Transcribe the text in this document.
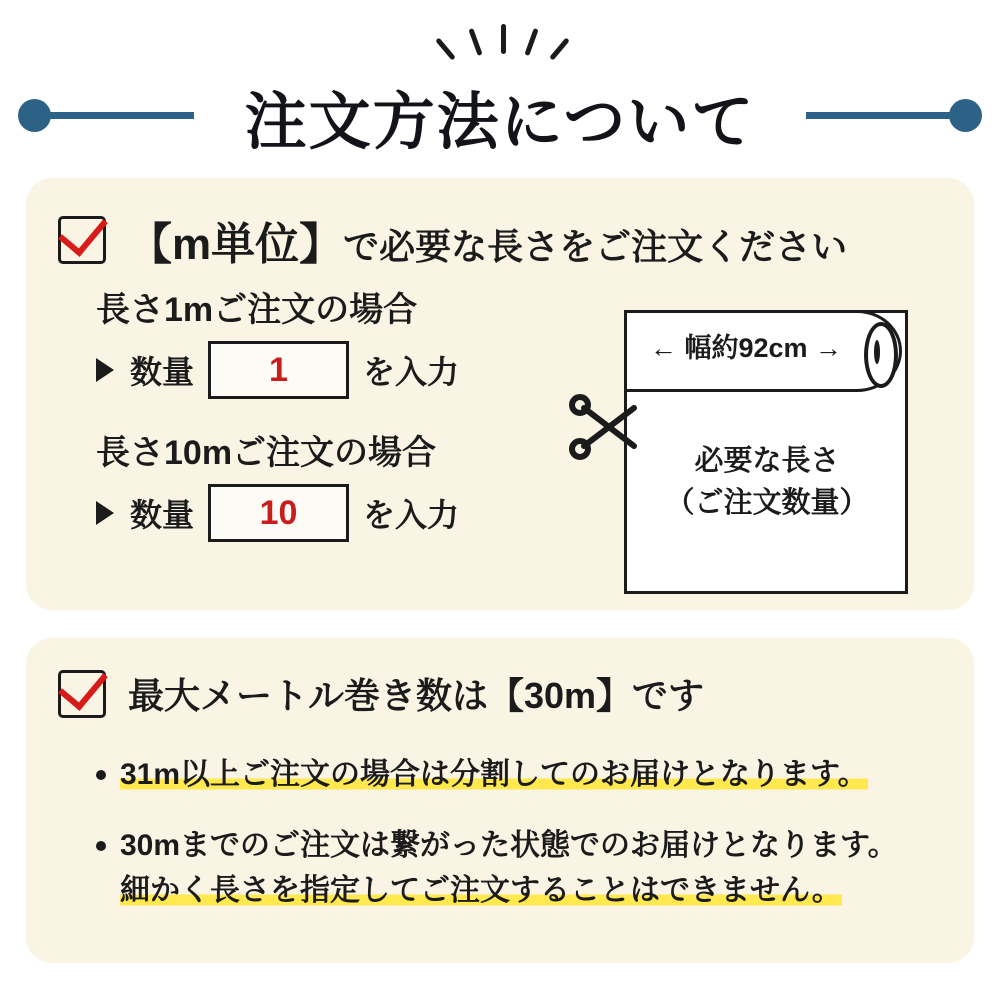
注文方法について
【m単位】で必要な長さをご注文ください
長さ1mご注文の場合
数量	1	を入力
長さ10mご注文の場合
数量	10	を入力
← 幅約92cm →
必要な長さ
（ご注文数量）
最大メートル巻き数は【30m】です
31m以上ご注文の場合は分割してのお届けとなります。
30mまでのご注文は繋がった状態でのお届けとなります。
細かく長さを指定してご注文することはできません。
